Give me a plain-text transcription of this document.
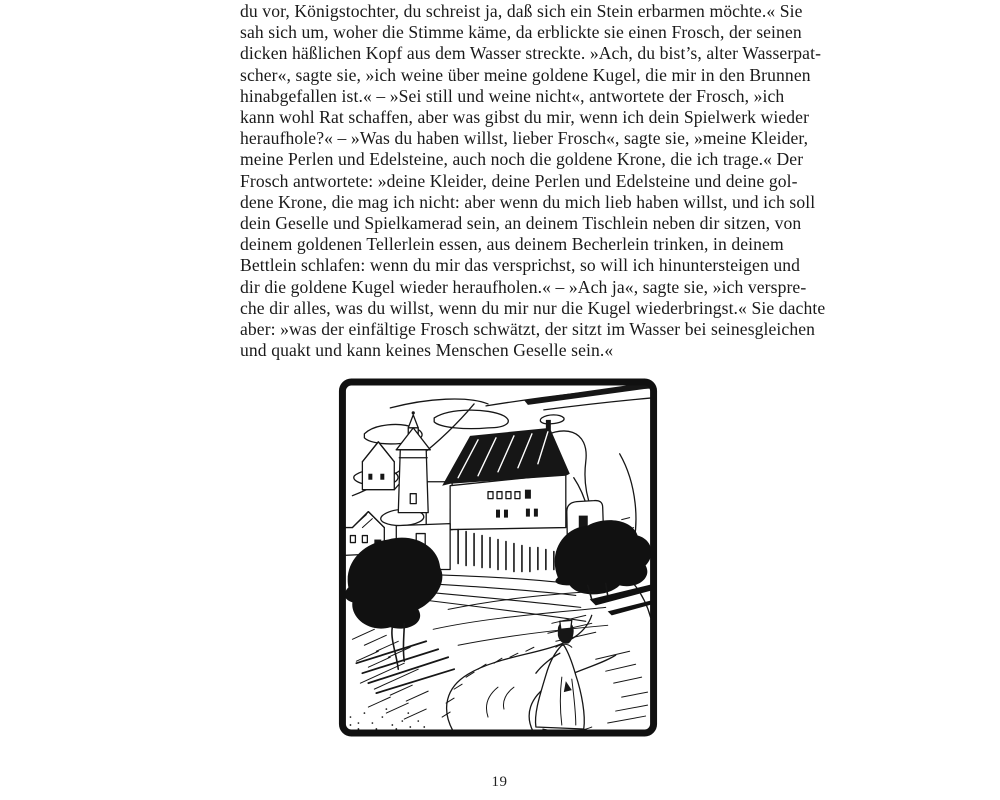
du vor, Königstochter, du schreist ja, daß sich ein Stein erbarmen möchte.« Sie
sah sich um, woher die Stimme käme, da erblickte sie einen Frosch, der seinen
dicken häßlichen Kopf aus dem Wasser streckte. »Ach, du bist’s, alter Wasserpat-
scher«, sagte sie, »ich weine über meine goldene Kugel, die mir in den Brunnen
hinabgefallen ist.« – »Sei still und weine nicht«, antwortete der Frosch, »ich
kann wohl Rat schaffen, aber was gibst du mir, wenn ich dein Spielwerk wieder
heraufhole?« – »Was du haben willst, lieber Frosch«, sagte sie, »meine Kleider,
meine Perlen und Edelsteine, auch noch die goldene Krone, die ich trage.« Der
Frosch antwortete: »deine Kleider, deine Perlen und Edelsteine und deine gol-
dene Krone, die mag ich nicht: aber wenn du mich lieb haben willst, und ich soll
dein Geselle und Spielkamerad sein, an deinem Tischlein neben dir sitzen, von
deinem goldenen Tellerlein essen, aus deinem Becherlein trinken, in deinem
Bettlein schlafen: wenn du mir das versprichst, so will ich hinuntersteigen und
dir die goldene Kugel wieder heraufholen.« – »Ach ja«, sagte sie, »ich verspre-
che dir alles, was du willst, wenn du mir nur die Kugel wiederbringst.« Sie dachte
aber: »was der einfältige Frosch schwätzt, der sitzt im Wasser bei seinesgleichen
und quakt und kann keines Menschen Geselle sein.«
19
